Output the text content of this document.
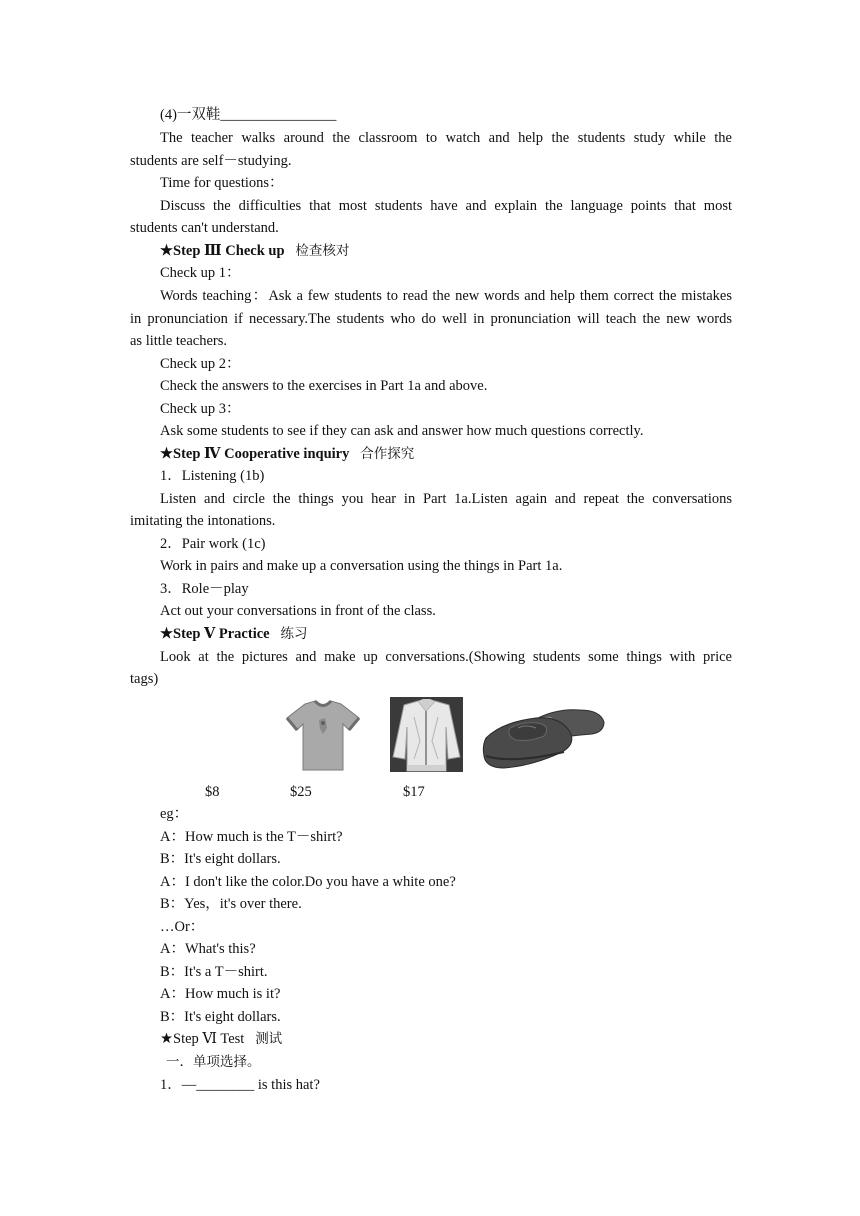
(4)一双鞋________________
The teacher walks around the classroom to watch and help the students study while the
students are self－studying.
Time for questions：
Discuss the difficulties that most students have and explain the language points that most
students can't understand.
★Step Ⅲ Check up 检查核对
Check up 1：
Words teaching：Ask a few students to read the new words and help them correct the mistakes
in pronunciation if necessary.The students who do well in pronunciation will teach the new words
as little teachers.
Check up 2：
Check the answers to the exercises in Part 1a and above.
Check up 3：
Ask some students to see if they can ask and answer how much questions correctly.
★Step Ⅳ Cooperative inquiry 合作探究
1．Listening (1b)
Listen and circle the things you hear in Part 1a.Listen again and repeat the conversations
imitating the intonations.
2．Pair work (1c)
Work in pairs and make up a conversation using the things in Part 1a.
3．Role－play
Act out your conversations in front of the class.
★Step Ⅴ Practice 练习
Look at the pictures and make up conversations.(Showing students some things with price
tags)
$8	$25	$17
eg：
A：How much is the T－shirt?
B：It's eight dollars.
A：I don't like the color.Do you have a white one?
B：Yes，it's over there.
…Or：
A：What's this?
B：It's a T－shirt.
A：How much is it?
B：It's eight dollars.
★Step Ⅵ Test 测试
一．单项选择。
1．—________ is this hat?
